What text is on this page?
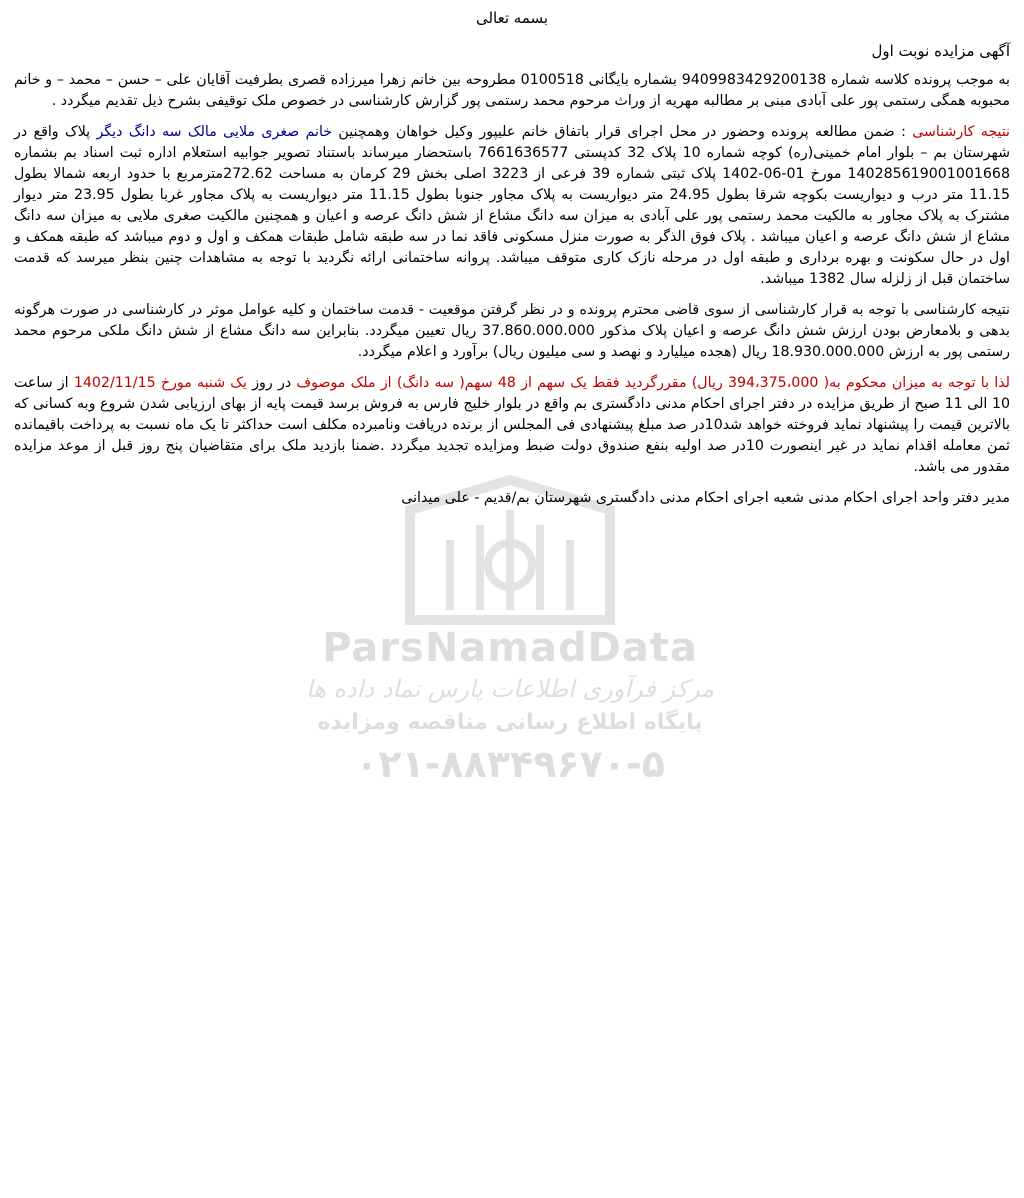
ParsNamadData
مرکز فرآوری اطلاعات پارس نماد داده ها
پایگاه اطلاع رسانی مناقصه ومزایده
۰۲۱-۸۸۳۴۹۶۷۰-۵
بسمه تعالی
آگهی مزایده نوبت اول

به موجب پرونده کلاسه شماره 9409983429200138 بشماره بایگانی 0100518 مطروحه بین خانم زهرا میرزاده قصری بطرفیت آقایان علی – حسن – محمد – و خانم محبوبه همگی رستمی پور علی آبادی مبنی بر مطالبه مهریه از وراث مرحوم محمد رستمی پور گزارش کارشناسی در خصوص ملک توقیفی بشرح ذیل تقدیم میگردد .

نتیجه کارشناسی : ضمن مطالعه پرونده وحضور در محل اجرای قرار باتفاق خانم علیپور وکیل خواهان وهمچنین خانم صغری ملایی مالک سه دانگ دیگر پلاک واقع در شهرستان بم – بلوار امام خمینی(ره) کوچه شماره 10 پلاک 32 کدپستی 7661636577 باستحضار میرساند باستناد تصویر جوابیه استعلام اداره ثبت اسناد بم بشماره 140285619001001668 مورخ 01-06-1402 پلاک ثبتی شماره 39 فرعی از 3223 اصلی بخش 29 کرمان به مساحت 272.62مترمربع با حدود اربعه شمالا بطول 11.15 متر درب و دیواریست بکوچه شرقا بطول 24.95 متر دیواریست به پلاک مجاور جنوبا بطول 11.15 متر دیواریست به پلاک مجاور غربا بطول 23.95 متر دیوار مشترک به پلاک مجاور به مالکیت محمد رستمی پور علی آبادی به میزان سه دانگ مشاع از شش دانگ عرصه و اعیان و همچنین مالکیت صغری ملایی به میزان سه دانگ مشاع از شش دانگ عرصه و اعیان میباشد . پلاک فوق الذگر به صورت منزل مسکونی فاقد نما در سه طبقه شامل طبقات همکف و اول و دوم میباشد که طبقه همکف و اول در حال سکونت و بهره برداری و طبقه اول در مرحله نازک کاری متوقف میباشد. پروانه ساختمانی ارائه نگردید با توجه به مشاهدات چنین بنظر میرسد که قدمت ساختمان قبل از زلزله سال 1382 میباشد.

نتیجه کارشناسی با توجه به قرار کارشناسی از سوی قاضی محترم پرونده و در نظر گرفتن موقعیت - قدمت ساختمان و کلیه عوامل موثر در کارشناسی در صورت هرگونه بدهی و بلامعارض بودن ارزش شش دانگ عرصه و اعیان پلاک مذکور 37.860.000.000 ریال تعیین میگردد. بنابراین سه دانگ مشاع از شش دانگ ملکی مرحوم محمد رستمی پور به ارزش 18.930.000.000 ریال (هجده میلیارد و نهصد و سی میلیون ریال) برآورد و اعلام میگردد.

لذا با توجه به میزان محکوم به( 394،375،000 ریال) مقررگردید فقط یک سهم از 48 سهم( سه دانگ) از ملک موصوف در روز یک شنبه مورخ 1402/11/15 از ساعت 10 الی 11 صبح از طریق مزایده در دفتر اجرای احکام مدنی دادگستری بم واقع در بلوار خلیج فارس به فروش برسد قیمت پایه از بهای ارزیابی شدن شروع وبه کسانی که بالاترین قیمت را پیشنهاد نماید فروخته خواهد شد10در صد مبلغ پیشنهادی فی المجلس از برنده دریافت ونامبرده مکلف است حداکثر تا یک ماه نسبت به پرداخت باقیمانده ثمن معامله اقدام نماید در غیر اینصورت 10در صد اولیه بنفع صندوق دولت ضبط ومزایده تجدید میگردد .ضمنا بازدید ملک برای متقاضیان پنج روز قبل از موعد مزایده مقدور می باشد.

مدیر دفتر واحد اجرای احکام مدنی شعبه اجرای احکام مدنی دادگستری شهرستان بم/قدیم - علی میدانی
